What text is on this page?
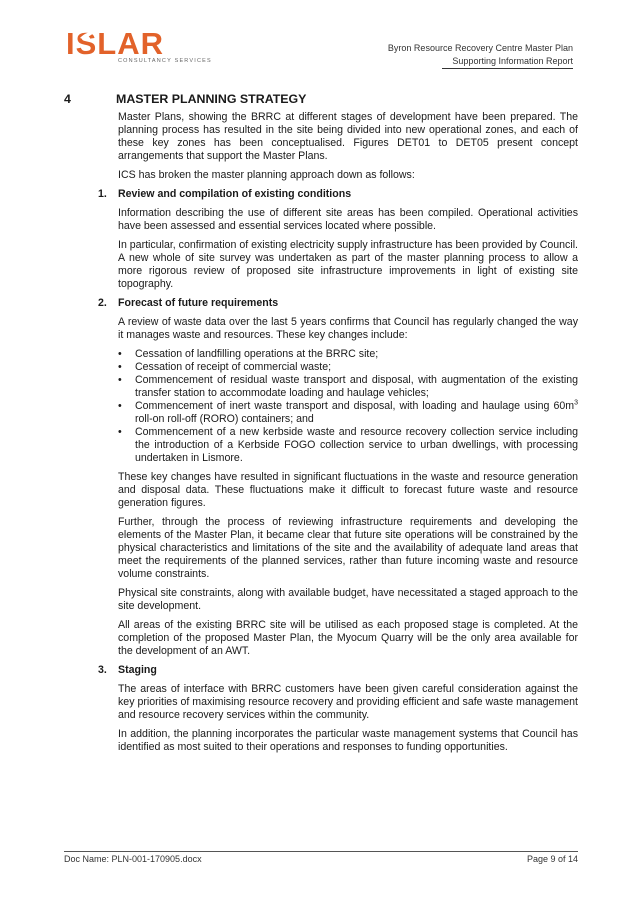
ISLAR
CONSULTANCY SERVICES
Byron Resource Recovery Centre Master Plan
Supporting Information Report
4	MASTER PLANNING STRATEGY

Master Plans, showing the BRRC at different stages of development have been prepared. The planning process has resulted in the site being divided into new operational zones, and each of these key zones has been conceptualised. Figures DET01 to DET05 present concept arrangements that support the Master Plans.

ICS has broken the master planning approach down as follows:

1.	Review and compilation of existing conditions

Information describing the use of different site areas has been compiled. Operational activities have been assessed and essential services located where possible.

In particular, confirmation of existing electricity supply infrastructure has been provided by Council. A new whole of site survey was undertaken as part of the master planning process to allow a more rigorous review of proposed site infrastructure improvements in light of existing site topography.

2.	Forecast of future requirements

A review of waste data over the last 5 years confirms that Council has regularly changed the way it manages waste and resources. These key changes include:

• Cessation of landfilling operations at the BRRC site;
• Cessation of receipt of commercial waste;
• Commencement of residual waste transport and disposal, with augmentation of the existing transfer station to accommodate loading and haulage vehicles;
• Commencement of inert waste transport and disposal, with loading and haulage using $60m^3$ roll-on roll-off (RORO) containers; and
• Commencement of a new kerbside waste and resource recovery collection service including the introduction of a Kerbside FOGO collection service to urban dwellings, with processing undertaken in Lismore.

These key changes have resulted in significant fluctuations in the waste and resource generation and disposal data. These fluctuations make it difficult to forecast future waste and resource generation figures.

Further, through the process of reviewing infrastructure requirements and developing the elements of the Master Plan, it became clear that future site operations will be constrained by the physical characteristics and limitations of the site and the availability of adequate land areas that meet the requirements of the planned services, rather than future incoming waste and resource volume constraints.

Physical site constraints, along with available budget, have necessitated a staged approach to the site development.

All areas of the existing BRRC site will be utilised as each proposed stage is completed. At the completion of the proposed Master Plan, the Myocum Quarry will be the only area available for the development of an AWT.

3.	Staging

The areas of interface with BRRC customers have been given careful consideration against the key priorities of maximising resource recovery and providing efficient and safe waste management and resource recovery services within the community.

In addition, the planning incorporates the particular waste management systems that Council has identified as most suited to their operations and responses to funding opportunities.

Doc Name: PLN-001-170905.docx	Page 9 of 14
